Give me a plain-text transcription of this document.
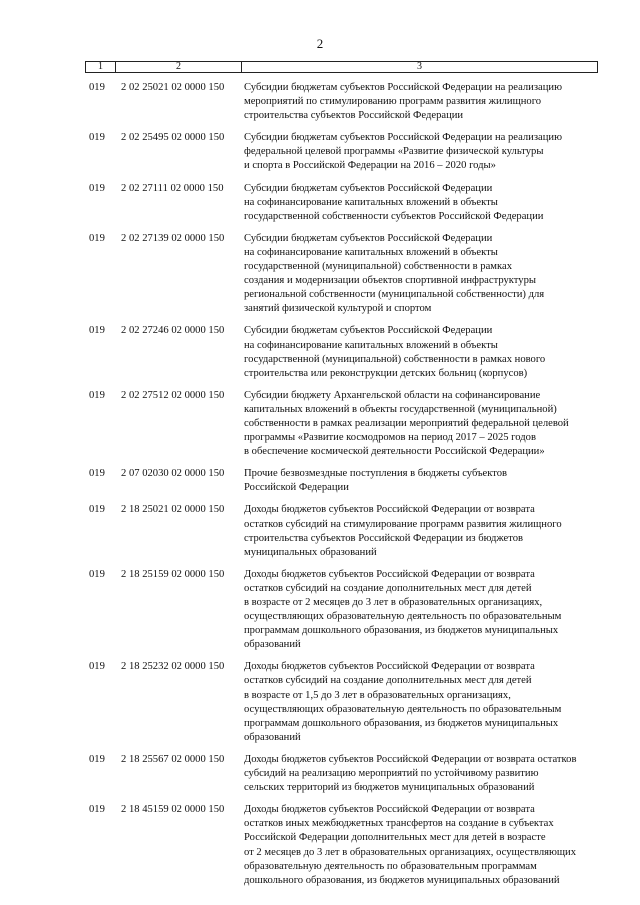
2
1	2	3
019	2 02 25021 02 0000 150	Субсидии бюджетам субъектов Российской Федерации на реализацию
мероприятий по стимулированию программ развития жилищного
строительства субъектов Российской Федерации
019	2 02 25495 02 0000 150	Субсидии бюджетам субъектов Российской Федерации на реализацию
федеральной целевой программы «Развитие физической культуры
и спорта в Российской Федерации на 2016 – 2020 годы»
019	2 02 27111 02 0000 150	Субсидии бюджетам субъектов Российской Федерации
на софинансирование капитальных вложений в объекты
государственной собственности субъектов Российской Федерации
019	2 02 27139 02 0000 150	Субсидии бюджетам субъектов Российской Федерации
на софинансирование капитальных вложений в объекты
государственной (муниципальной) собственности в рамках
создания и модернизации объектов спортивной инфраструктуры
региональной собственности (муниципальной собственности) для
занятий физической культурой и спортом
019	2 02 27246 02 0000 150	Субсидии бюджетам субъектов Российской Федерации
на софинансирование капитальных вложений в объекты
государственной (муниципальной) собственности в рамках нового
строительства или реконструкции детских больниц (корпусов)
019	2 02 27512 02 0000 150	Субсидии бюджету Архангельской области на софинансирование
капитальных вложений в объекты государственной (муниципальной)
собственности в рамках реализации мероприятий федеральной целевой
программы «Развитие космодромов на период 2017 – 2025 годов
в обеспечение космической деятельности Российской Федерации»
019	2 07 02030 02 0000 150	Прочие безвозмездные поступления в бюджеты субъектов
Российской Федерации
019	2 18 25021 02 0000 150	Доходы бюджетов субъектов Российской Федерации от возврата
остатков субсидий на стимулирование программ развития жилищного
строительства субъектов Российской Федерации из бюджетов
муниципальных образований
019	2 18 25159 02 0000 150	Доходы бюджетов субъектов Российской Федерации от возврата
остатков субсидий на создание дополнительных мест для детей
в возрасте от 2 месяцев до 3 лет в образовательных организациях,
осуществляющих образовательную деятельность по образовательным
программам дошкольного образования, из бюджетов муниципальных
образований
019	2 18 25232 02 0000 150	Доходы бюджетов субъектов Российской Федерации от возврата
остатков субсидий на создание дополнительных мест для детей
в возрасте от 1,5 до 3 лет в образовательных организациях,
осуществляющих образовательную деятельность по образовательным
программам дошкольного образования, из бюджетов муниципальных
образований
019	2 18 25567 02 0000 150	Доходы бюджетов субъектов Российской Федерации от возврата остатков
субсидий на реализацию мероприятий по устойчивому развитию
сельских территорий из бюджетов муниципальных образований
019	2 18 45159 02 0000 150	Доходы бюджетов субъектов Российской Федерации от возврата
остатков иных межбюджетных трансфертов на создание в субъектах
Российской Федерации дополнительных мест для детей в возрасте
от 2 месяцев до 3 лет в образовательных организациях, осуществляющих
образовательную деятельность по образовательным программам
дошкольного образования, из бюджетов муниципальных образований
